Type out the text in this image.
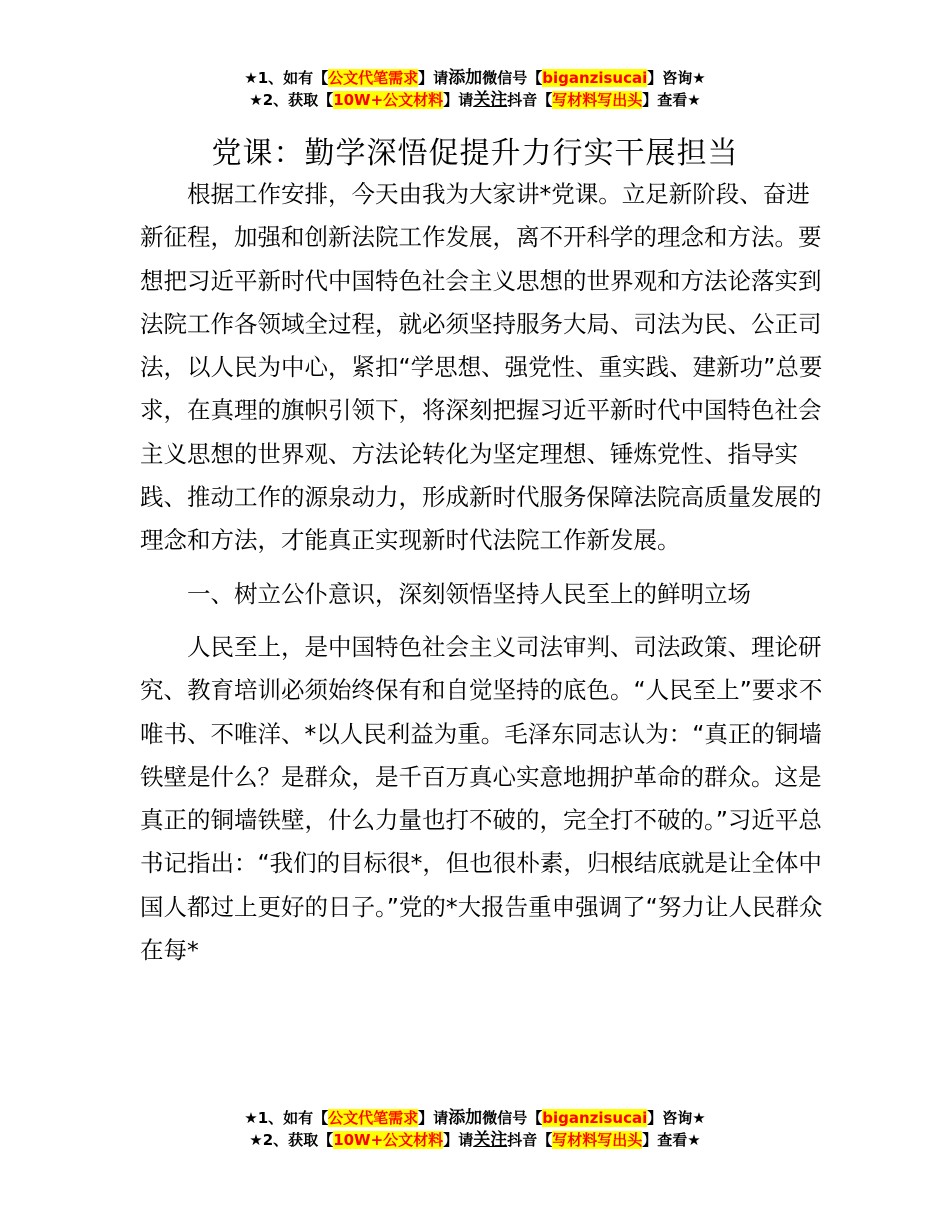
★1、如有【公文代笔需求】请添加微信号【biganzisucai】咨询★
★2、获取【10W+公文材料】请关注抖音【写材料写出头】查看★
党课：勤学深悟促提升力行实干展担当

根据工作安排，今天由我为大家讲*党课。立足新阶段、奋进新征程，加强和创新法院工作发展，离不开科学的理念和方法。要想把习近平新时代中国特色社会主义思想的世界观和方法论落实到法院工作各领域全过程，就必须坚持服务大局、司法为民、公正司法，以人民为中心，紧扣“学思想、强党性、重实践、建新功”总要求，在真理的旗帜引领下，将深刻把握习近平新时代中国特色社会主义思想的世界观、方法论转化为坚定理想、锤炼党性、指导实践、推动工作的源泉动力，形成新时代服务保障法院高质量发展的理念和方法，才能真正实现新时代法院工作新发展。

一、树立公仆意识，深刻领悟坚持人民至上的鲜明立场

人民至上，是中国特色社会主义司法审判、司法政策、理论研究、教育培训必须始终保有和自觉坚持的底色。“人民至上”要求不唯书、不唯洋、*以人民利益为重。毛泽东同志认为：“真正的铜墙铁壁是什么？是群众，是千百万真心实意地拥护革命的群众。这是真正的铜墙铁壁，什么力量也打不破的，完全打不破的。”习近平总书记指出：“我们的目标很*，但也很朴素，归根结底就是让全体中国人都过上更好的日子。”党的*大报告重申强调了“努力让人民群众在每*

★1、如有【公文代笔需求】请添加微信号【biganzisucai】咨询★
★2、获取【10W+公文材料】请关注抖音【写材料写出头】查看★
